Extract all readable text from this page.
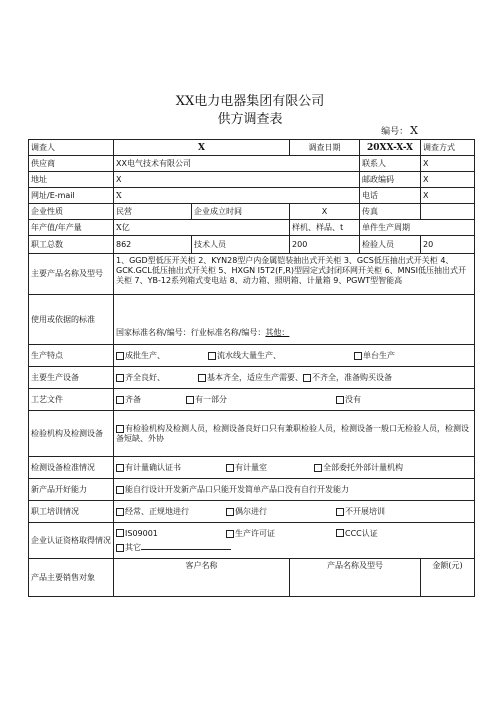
XX电力电器集团有限公司
供方调查表
编号： X
调查人	X		调查日期	20XX-X-X	调查方式
供应商	XX电气技术有限公司			联系人	X
地址	X			邮政编码	X
网址/E-mail	X			电话	X
企业性质	民营	企业成立时间	X	传真	
年产值/年产量	X亿		样机、样品、t	单件生产周期	
职工总数	862	技术人员	200	检验人员	20
主要产品名称及型号	1、GGD型低压开关柜 2、KYN28型户内金属铠装抽出式开关柜 3、GCS低压抽出式开关柜 4、GCK.GCL低压抽出式开关柜 5、HXGN I5T2(F,R)型固定式封闭环网开关柜 6、MNSI低压抽出式开关柜 7、YB-12系列箱式变电站 8、动力箱、照明箱、计量箱 9、PGWT型智能高				

使用或依据的标准	国家标准名称/编号：行业标准名称/编号：其他：				
生产特点	成批生产、 流水线大量生产、 单台生产				
主要生产设备	齐全良好、 基本齐全，适应生产需要、 不齐全，准备购买设备				
工艺文件	齐备 有一部分 没有				
检验机构及检测设备	有检验机构及检测人员，检测设备良好口只有兼职检验人员，检测设备一般口无检验人员，检测设备短缺、外协				
检测设备检准情况	有计量确认证书 有计量室 全部委托外部计量机构				
新产品开好能力	能自行设计开发新产品口只能开发简单产品口没有自行开发能力				
职工培训情况	经常、正规地进行 偶尔进行 不开展培训				
企业认证资格取得情况	IS09001 生产许可证 CCC认证
其它				

产品主要销售对象	客户名称		产品名称及型号		金额(元)
